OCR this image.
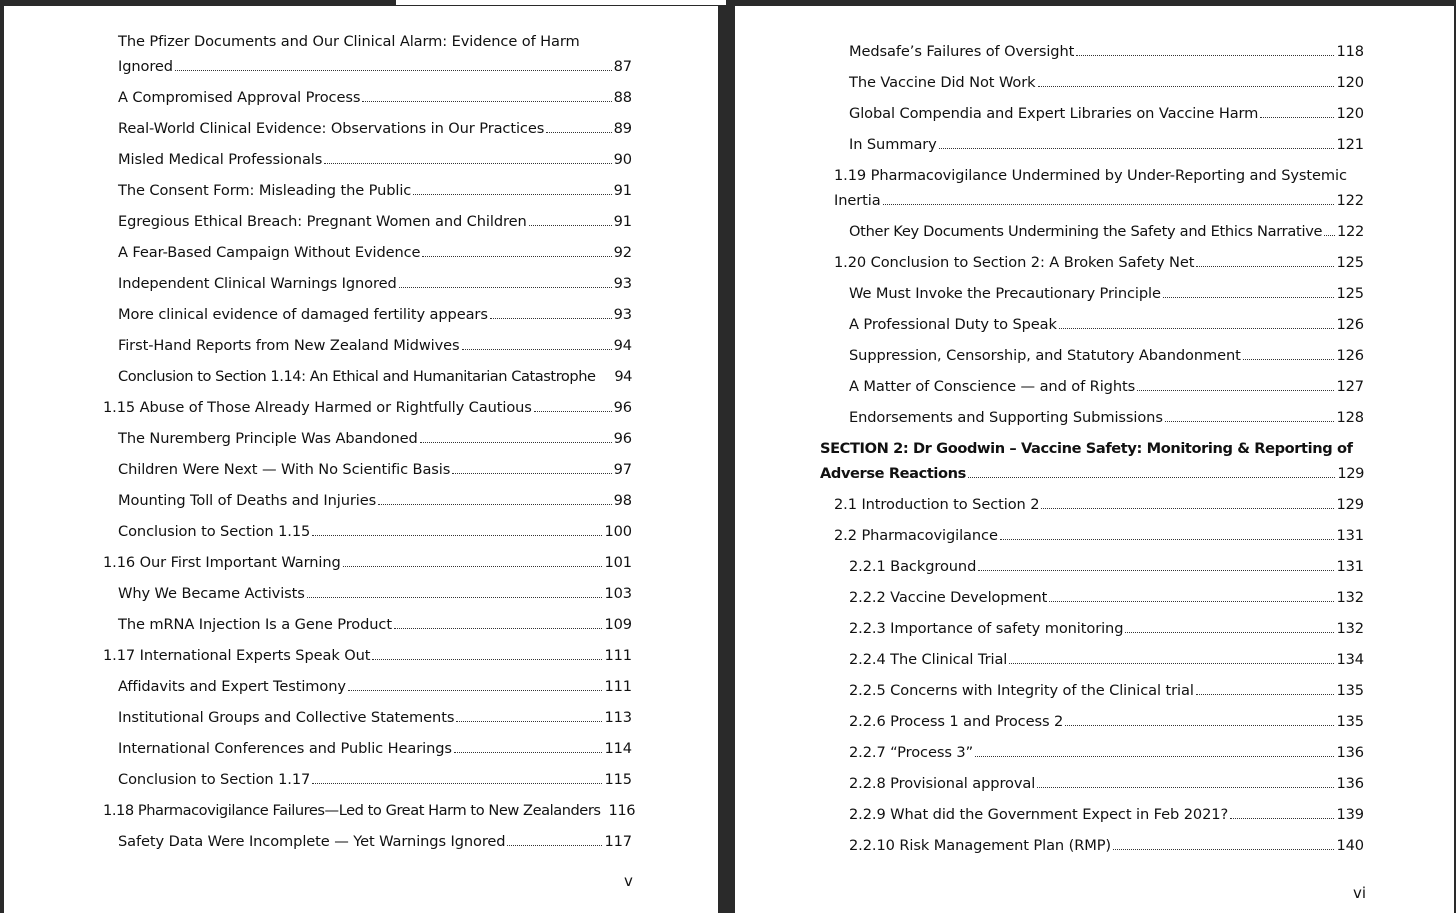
The Pfizer Documents and Our Clinical Alarm: Evidence of Harm
Ignored	87
A Compromised Approval Process	88
Real-World Clinical Evidence: Observations in Our Practices	89
Misled Medical Professionals	90
The Consent Form: Misleading the Public	91
Egregious Ethical Breach: Pregnant Women and Children	91
A Fear-Based Campaign Without Evidence	92
Independent Clinical Warnings Ignored	93
More clinical evidence of damaged fertility appears	93
First-Hand Reports from New Zealand Midwives	94
Conclusion to Section 1.14: An Ethical and Humanitarian Catastrophe 94
1.15 Abuse of Those Already Harmed or Rightfully Cautious	96
The Nuremberg Principle Was Abandoned	96
Children Were Next — With No Scientific Basis	97
Mounting Toll of Deaths and Injuries	98
Conclusion to Section 1.15	100
1.16 Our First Important Warning	101
Why We Became Activists	103
The mRNA Injection Is a Gene Product	109
1.17 International Experts Speak Out	111
Affidavits and Expert Testimony	111
Institutional Groups and Collective Statements	113
International Conferences and Public Hearings	114
Conclusion to Section 1.17	115
1.18 Pharmacovigilance Failures—Led to Great Harm to New Zealanders 116
Safety Data Were Incomplete — Yet Warnings Ignored	117
v
Medsafe’s Failures of Oversight	118
The Vaccine Did Not Work	120
Global Compendia and Expert Libraries on Vaccine Harm	120
In Summary	121
1.19 Pharmacovigilance Undermined by Under-Reporting and Systemic
Inertia	122
Other Key Documents Undermining the Safety and Ethics Narrative 122
1.20 Conclusion to Section 2: A Broken Safety Net	125
We Must Invoke the Precautionary Principle	125
A Professional Duty to Speak	126
Suppression, Censorship, and Statutory Abandonment	126
A Matter of Conscience — and of Rights	127
Endorsements and Supporting Submissions	128
SECTION 2: Dr Goodwin – Vaccine Safety: Monitoring & Reporting of
Adverse Reactions	129
2.1 Introduction to Section 2	129
2.2 Pharmacovigilance	131
2.2.1 Background	131
2.2.2 Vaccine Development	132
2.2.3 Importance of safety monitoring	132
2.2.4 The Clinical Trial	134
2.2.5 Concerns with Integrity of the Clinical trial	135
2.2.6 Process 1 and Process 2	135
2.2.7 “Process 3”	136
2.2.8 Provisional approval	136
2.2.9 What did the Government Expect in Feb 2021?	139
2.2.10 Risk Management Plan (RMP)	140
vi
